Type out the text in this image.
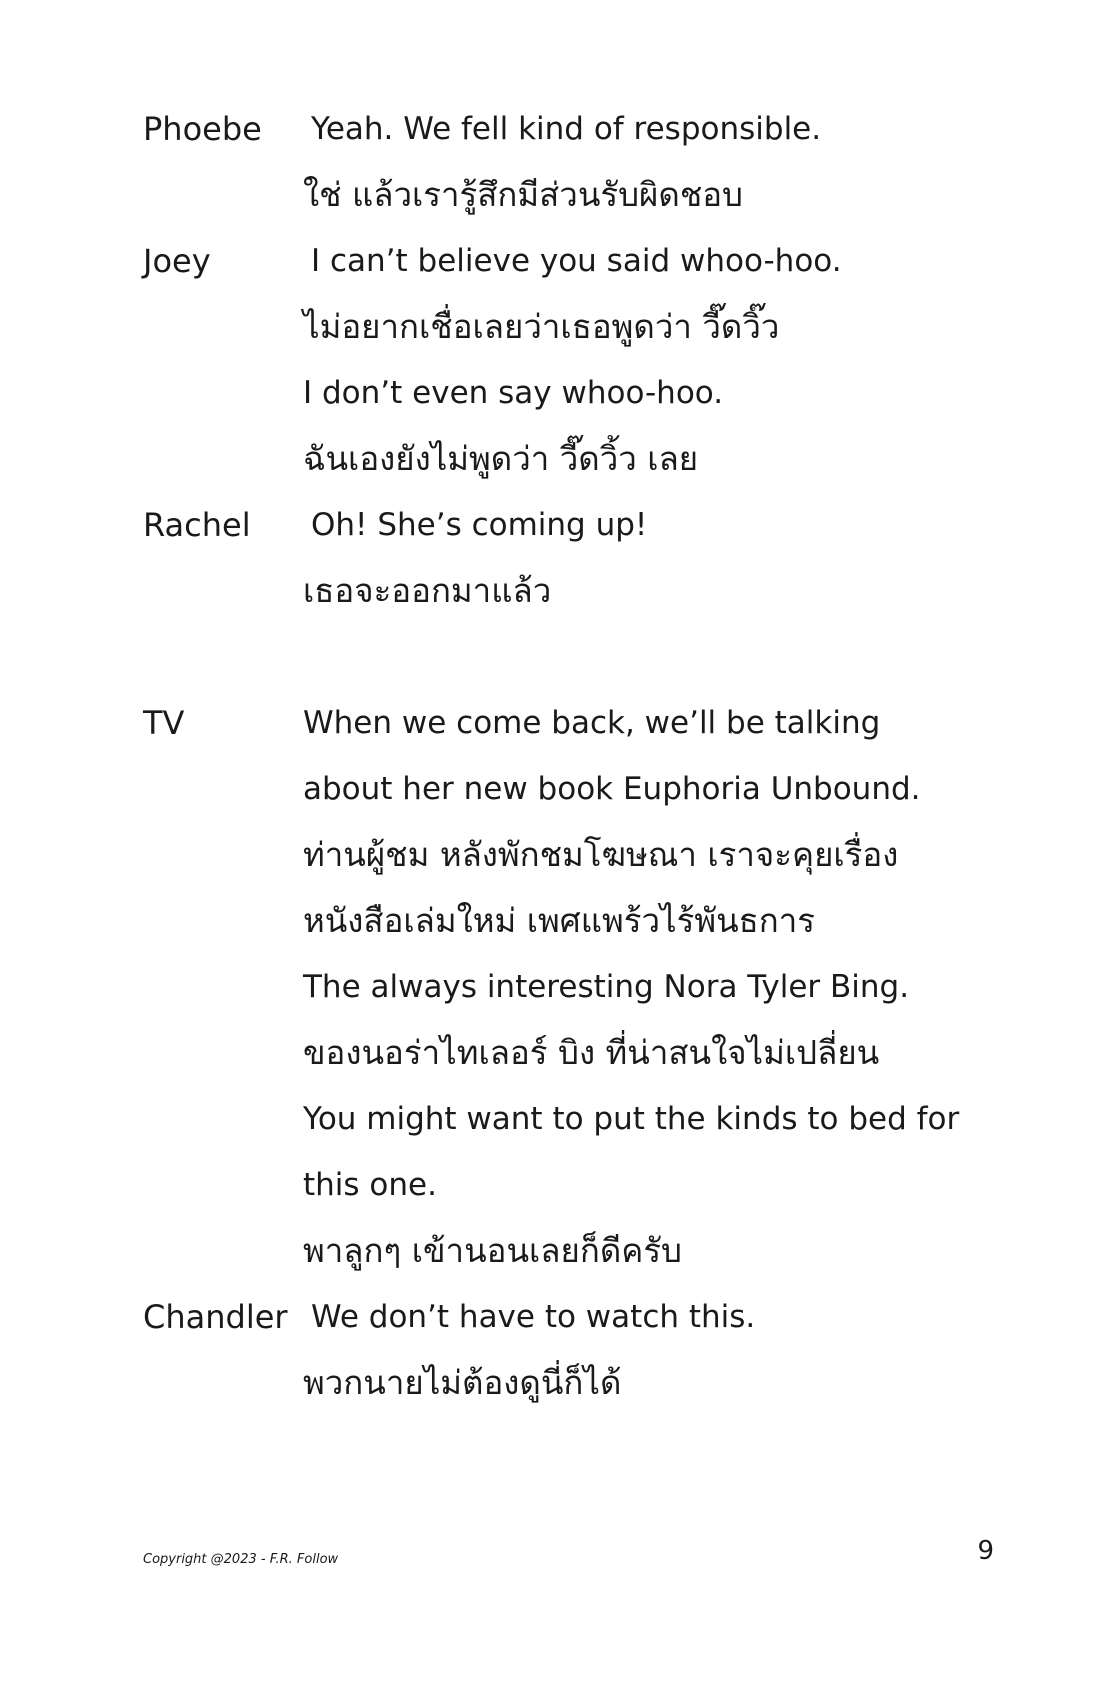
Phoebe	Yeah. We fell kind of responsible.
ใช่ แล้วเรารู้สึกมีส่วนรับผิดชอบ
Joey	I can’t believe you said whoo-hoo.
ไม่อยากเชื่อเลยว่าเธอพูดว่า วี๊ดวิ๊ว
I don’t even say whoo-hoo.
ฉันเองยังไม่พูดว่า วี๊ดวิ้ว เลย
Rachel	Oh! She’s coming up!
เธอจะออกมาแล้ว
TV	When we come back, we’ll be talking
about her new book Euphoria Unbound.
ท่านผู้ชม หลังพักชมโฆษณา เราจะคุยเรื่อง
หนังสือเล่มใหม่ เพศแพร้วไร้พันธการ
The always interesting Nora Tyler Bing.
ของนอร่าไทเลอร์ บิง ที่น่าสนใจไม่เปลี่ยน
You might want to put the kinds to bed for
this one.
พาลูกๆ เข้านอนเลยก็ดีครับ
Chandler We don’t have to watch this.
พวกนายไม่ต้องดูนี่ก็ได้
Copyright @2023 - F.R. Follow	9
